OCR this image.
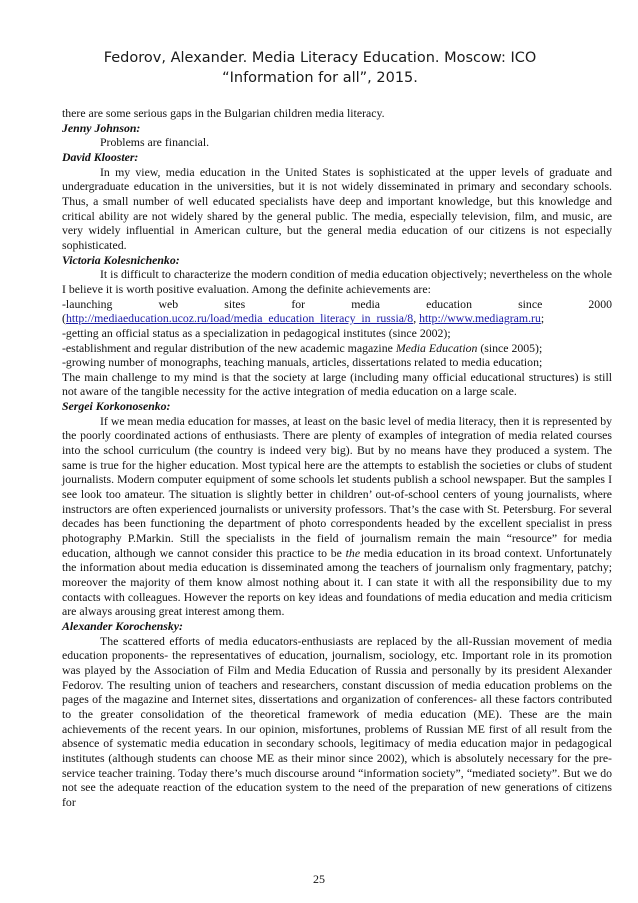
Fedorov, Alexander. Media Literacy Education. Moscow: ICO
“Information for all”, 2015.

there are some serious gaps in the Bulgarian children media literacy.

Jenny Johnson:

Problems are financial.

David Klooster:

In my view, media education in the United States is sophisticated at the upper levels of graduate and undergraduate education in the universities, but it is not widely disseminated in primary and secondary schools. Thus, a small number of well educated specialists have deep and important knowledge, but this knowledge and critical ability are not widely shared by the general public. The media, especially television, film, and music, are very widely influential in American culture, but the general media education of our citizens is not especially sophisticated.

Victoria Kolesnichenko:

It is difficult to characterize the modern condition of media education objectively; nevertheless on the whole I believe it is worth positive evaluation. Among the definite achievements are:

-launching web sites for media education since 2000

(http://mediaeducation.ucoz.ru/load/media_education_literacy_in_russia/8, http://www.mediagram.ru;

-getting an official status as a specialization in pedagogical institutes (since 2002);

-establishment and regular distribution of the new academic magazine Media Education (since 2005);

-growing number of monographs, teaching manuals, articles, dissertations related to media education;

The main challenge to my mind is that the society at large (including many official educational structures) is still not aware of the tangible necessity for the active integration of media education on a large scale.

Sergei Korkonosenko:

If we mean media education for masses, at least on the basic level of media literacy, then it is represented by the poorly coordinated actions of enthusiasts. There are plenty of examples of integration of media related courses into the school curriculum (the country is indeed very big). But by no means have they produced a system. The same is true for the higher education. Most typical here are the attempts to establish the societies or clubs of student journalists. Modern computer equipment of some schools let students publish a school newspaper. But the samples I see look too amateur. The situation is slightly better in children’ out-of-school centers of young journalists, where instructors are often experienced journalists or university professors. That’s the case with St. Petersburg. For several decades has been functioning the department of photo correspondents headed by the excellent specialist in press photography P.Markin. Still the specialists in the field of journalism remain the main “resource” for media education, although we cannot consider this practice to be the media education in its broad context. Unfortunately the information about media education is disseminated among the teachers of journalism only fragmentary, patchy; moreover the majority of them know almost nothing about it. I can state it with all the responsibility due to my contacts with colleagues. However the reports on key ideas and foundations of media education and media criticism are always arousing great interest among them.

Alexander Korochensky:

The scattered efforts of media educators-enthusiasts are replaced by the all-Russian movement of media education proponents- the representatives of education, journalism, sociology, etc. Important role in its promotion was played by the Association of Film and Media Education of Russia and personally by its president Alexander Fedorov. The resulting union of teachers and researchers, constant discussion of media education problems on the pages of the magazine and Internet sites, dissertations and organization of conferences- all these factors contributed to the greater consolidation of the theoretical framework of media education (ME). These are the main achievements of the recent years. In our opinion, misfortunes, problems of Russian ME first of all result from the absence of systematic media education in secondary schools, legitimacy of media education major in pedagogical institutes (although students can choose ME as their minor since 2002), which is absolutely necessary for the pre-service teacher training. Today there’s much discourse around “information society”, “mediated society”. But we do not see the adequate reaction of the education system to the need of the preparation of new generations of citizens for

25
